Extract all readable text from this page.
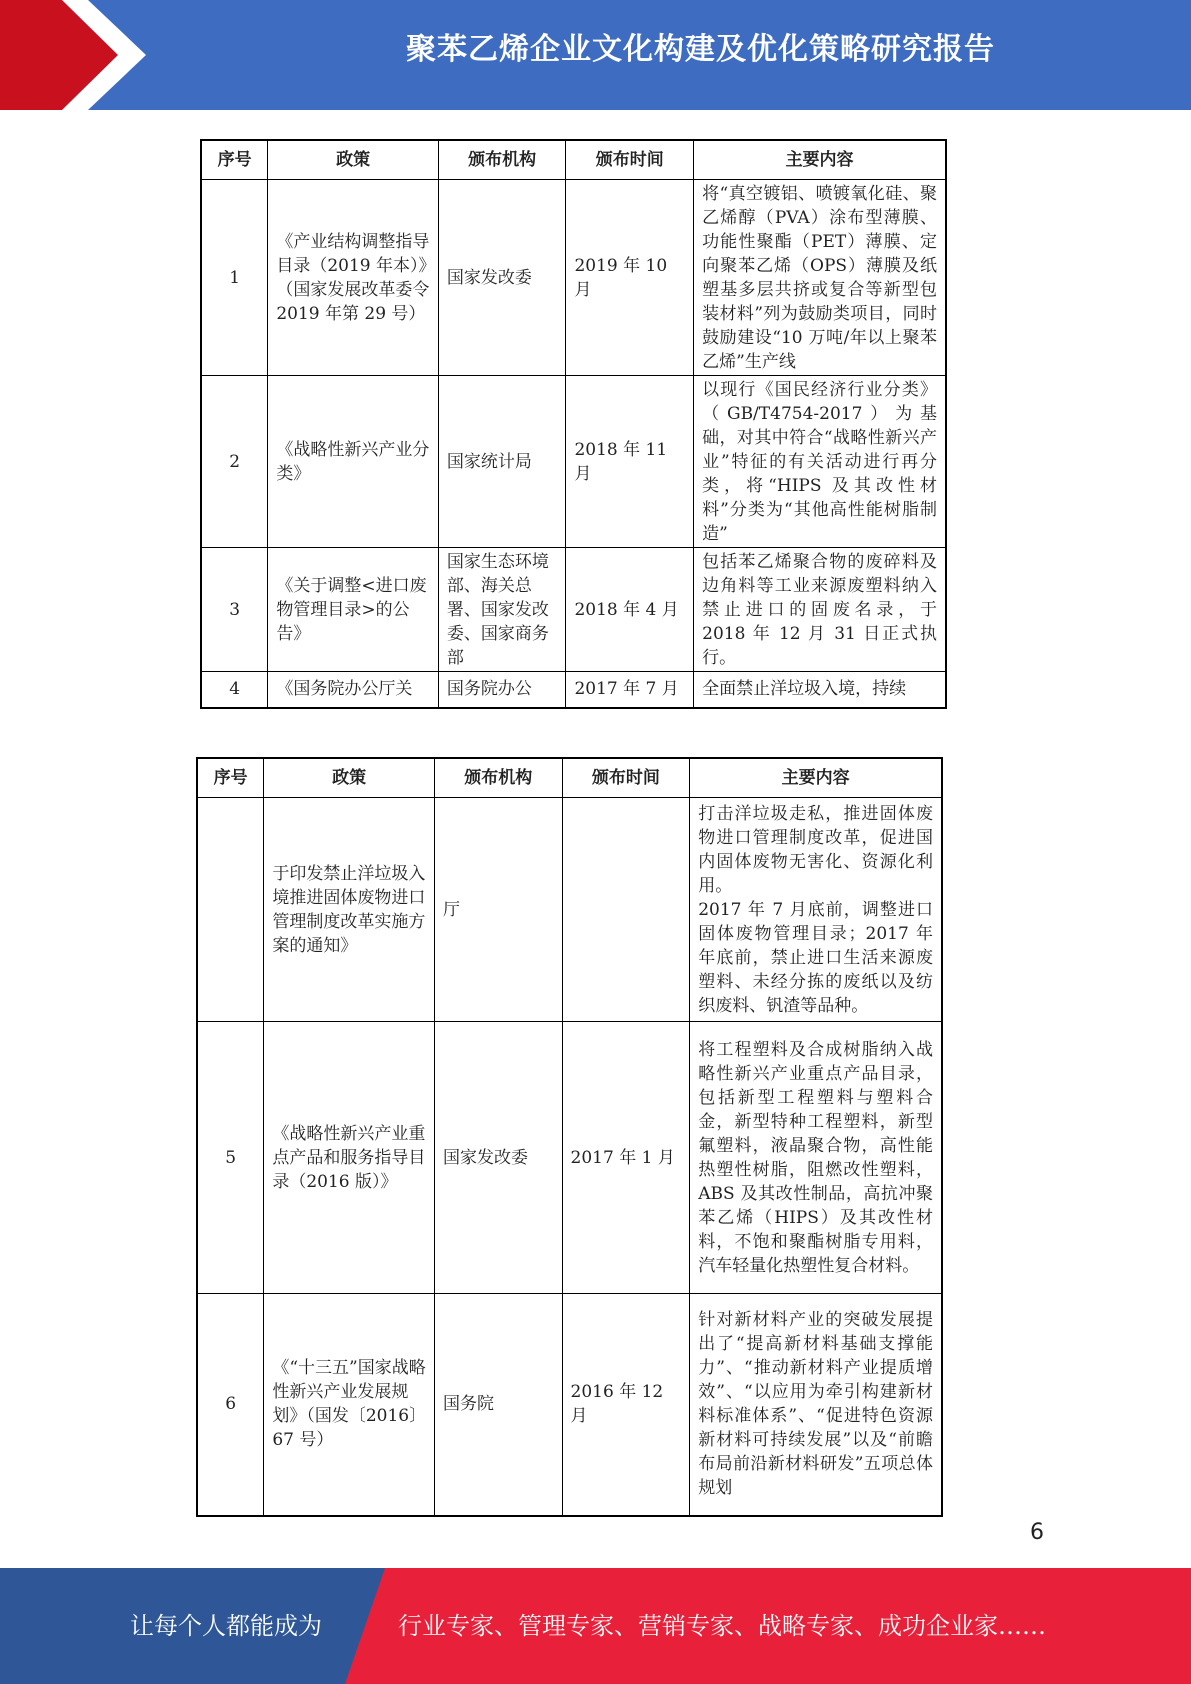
聚苯乙烯企业文化构建及优化策略研究报告
序号	政策	颁布机构	颁布时间	主要内容
1	《产业结构调整指导目录（2019 年本）》（国家发展改革委令 2019 年第 29 号）	国家发改委	2019 年 10 月	将“真空镀铝、喷镀氧化硅、聚乙烯醇（PVA）涂布型薄膜、功能性聚酯（PET）薄膜、定向聚苯乙烯（OPS）薄膜及纸塑基多层共挤或复合等新型包装材料”列为鼓励类项目，同时鼓励建设“10 万吨/年以上聚苯乙烯”生产线
2	《战略性新兴产业分类》	国家统计局	2018 年 11 月	以现行《国民经济行业分类》（GB/T4754-2017）为基础，对其中符合“战略性新兴产业”特征的有关活动进行再分类，将“HIPS 及其改性材料”分类为“其他高性能树脂制造”
3	《关于调整<进口废物管理目录>的公告》	国家生态环境部、海关总署、国家发改委、国家商务部	2018 年 4 月	包括苯乙烯聚合物的废碎料及边角料等工业来源废塑料纳入禁止进口的固废名录，于 2018 年 12 月 31 日正式执行。
4	《国务院办公厅关	国务院办公	2017 年 7 月	全面禁止洋垃圾入境，持续
序号	政策	颁布机构	颁布时间	主要内容
	于印发禁止洋垃圾入境推进固体废物进口管理制度改革实施方案的通知》	厅		打击洋垃圾走私，推进固体废物进口管理制度改革，促进国内固体废物无害化、资源化利用。
2017 年 7 月底前，调整进口固体废物管理目录；2017 年年底前，禁止进口生活来源废塑料、未经分拣的废纸以及纺织废料、钒渣等品种。

5	《战略性新兴产业重点产品和服务指导目录（2016 版）》	国家发改委	2017 年 1 月	将工程塑料及合成树脂纳入战略性新兴产业重点产品目录，包括新型工程塑料与塑料合金，新型特种工程塑料，新型氟塑料，液晶聚合物，高性能热塑性树脂，阻燃改性塑料，ABS 及其改性制品，高抗冲聚苯乙烯（HIPS）及其改性材料，不饱和聚酯树脂专用料，汽车轻量化热塑性复合材料。
6	《“十三五”国家战略性新兴产业发展规划》（国发〔2016〕67 号）	国务院	2016 年 12 月	针对新材料产业的突破发展提出了“提高新材料基础支撑能力”、“推动新材料产业提质增效”、“以应用为牵引构建新材料标准体系”、“促进特色资源新材料可持续发展”以及“前瞻布局前沿新材料研发”五项总体规划
6
让每个人都能成为	行业专家、管理专家、营销专家、战略专家、成功企业家……
